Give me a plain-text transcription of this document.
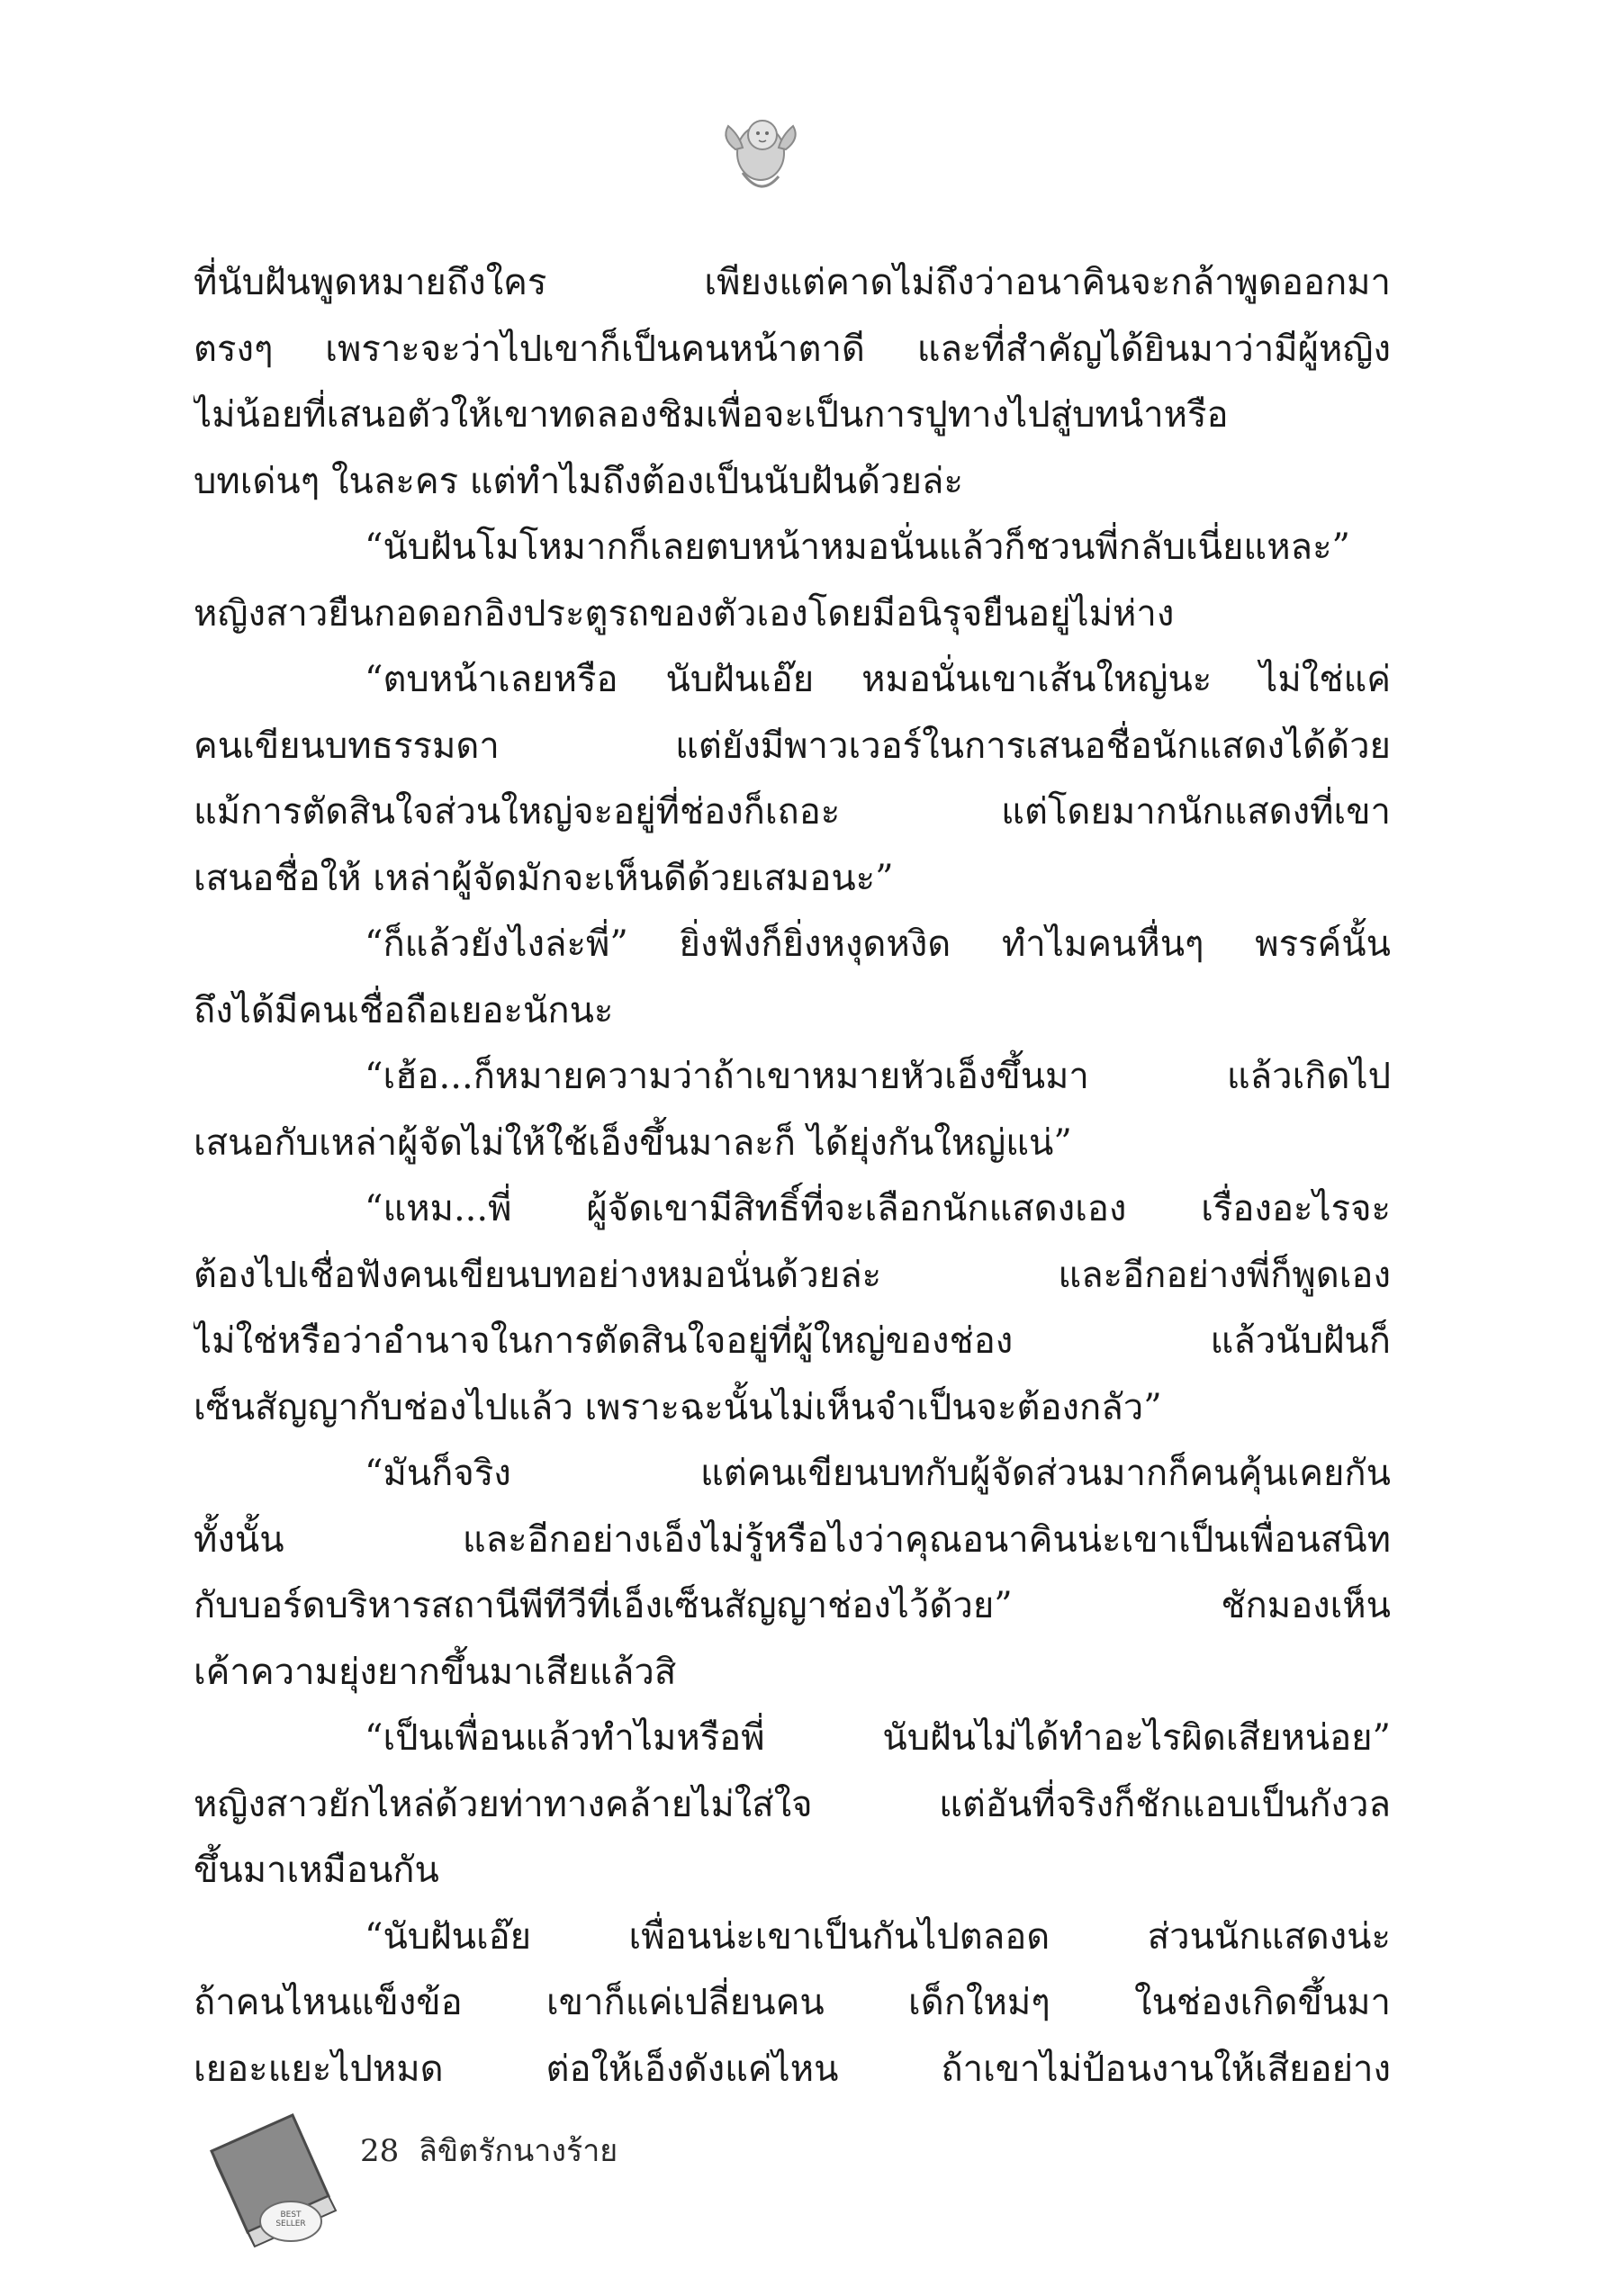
ที่นับฝันพูดหมายถึงใคร เพียงแต่คาดไม่ถึงว่าอนาคินจะกล้าพูดออกมา
ตรงๆ เพราะจะว่าไปเขาก็เป็นคนหน้าตาดี และที่สำคัญได้ยินมาว่ามีผู้หญิง
ไม่น้อยที่เสนอตัวให้เขาทดลองชิมเพื่อจะเป็นการปูทางไปสู่บทนำหรือ
บทเด่นๆ ในละคร แต่ทำไมถึงต้องเป็นนับฝันด้วยล่ะ
“นับฝันโมโหมากก็เลยตบหน้าหมอนั่นแล้วก็ชวนพี่กลับเนี่ยแหละ”
หญิงสาวยืนกอดอกอิงประตูรถของตัวเองโดยมีอนิรุจยืนอยู่ไม่ห่าง
“ตบหน้าเลยหรือ นับฝันเอ๊ย หมอนั่นเขาเส้นใหญ่นะ ไม่ใช่แค่
คนเขียนบทธรรมดา แต่ยังมีพาวเวอร์ในการเสนอชื่อนักแสดงได้ด้วย
แม้การตัดสินใจส่วนใหญ่จะอยู่ที่ช่องก็เถอะ แต่โดยมากนักแสดงที่เขา
เสนอชื่อให้ เหล่าผู้จัดมักจะเห็นดีด้วยเสมอนะ”
“ก็แล้วยังไงล่ะพี่” ยิ่งฟังก็ยิ่งหงุดหงิด ทำไมคนหื่นๆ พรรค์นั้น
ถึงได้มีคนเชื่อถือเยอะนักนะ
“เฮ้อ...ก็หมายความว่าถ้าเขาหมายหัวเอ็งขึ้นมา แล้วเกิดไป
เสนอกับเหล่าผู้จัดไม่ให้ใช้เอ็งขึ้นมาละก็ ได้ยุ่งกันใหญ่แน่”
“แหม...พี่ ผู้จัดเขามีสิทธิ์ที่จะเลือกนักแสดงเอง เรื่องอะไรจะ
ต้องไปเชื่อฟังคนเขียนบทอย่างหมอนั่นด้วยล่ะ และอีกอย่างพี่ก็พูดเอง
ไม่ใช่หรือว่าอำนาจในการตัดสินใจอยู่ที่ผู้ใหญ่ของช่อง แล้วนับฝันก็
เซ็นสัญญากับช่องไปแล้ว เพราะฉะนั้นไม่เห็นจำเป็นจะต้องกลัว”
“มันก็จริง แต่คนเขียนบทกับผู้จัดส่วนมากก็คนคุ้นเคยกัน
ทั้งนั้น และอีกอย่างเอ็งไม่รู้หรือไงว่าคุณอนาคินน่ะเขาเป็นเพื่อนสนิท
กับบอร์ดบริหารสถานีพีทีวีที่เอ็งเซ็นสัญญาช่องไว้ด้วย” ชักมองเห็น
เค้าความยุ่งยากขึ้นมาเสียแล้วสิ
“เป็นเพื่อนแล้วทำไมหรือพี่ นับฝันไม่ได้ทำอะไรผิดเสียหน่อย”
หญิงสาวยักไหล่ด้วยท่าทางคล้ายไม่ใส่ใจ แต่อันที่จริงก็ชักแอบเป็นกังวล
ขึ้นมาเหมือนกัน
“นับฝันเอ๊ย เพื่อนน่ะเขาเป็นกันไปตลอด ส่วนนักแสดงน่ะ
ถ้าคนไหนแข็งข้อ เขาก็แค่เปลี่ยนคน เด็กใหม่ๆ ในช่องเกิดขึ้นมา
เยอะแยะไปหมด ต่อให้เอ็งดังแค่ไหน ถ้าเขาไม่ป้อนงานให้เสียอย่าง
BEST SELLER
28 ลิขิตรักนางร้าย
